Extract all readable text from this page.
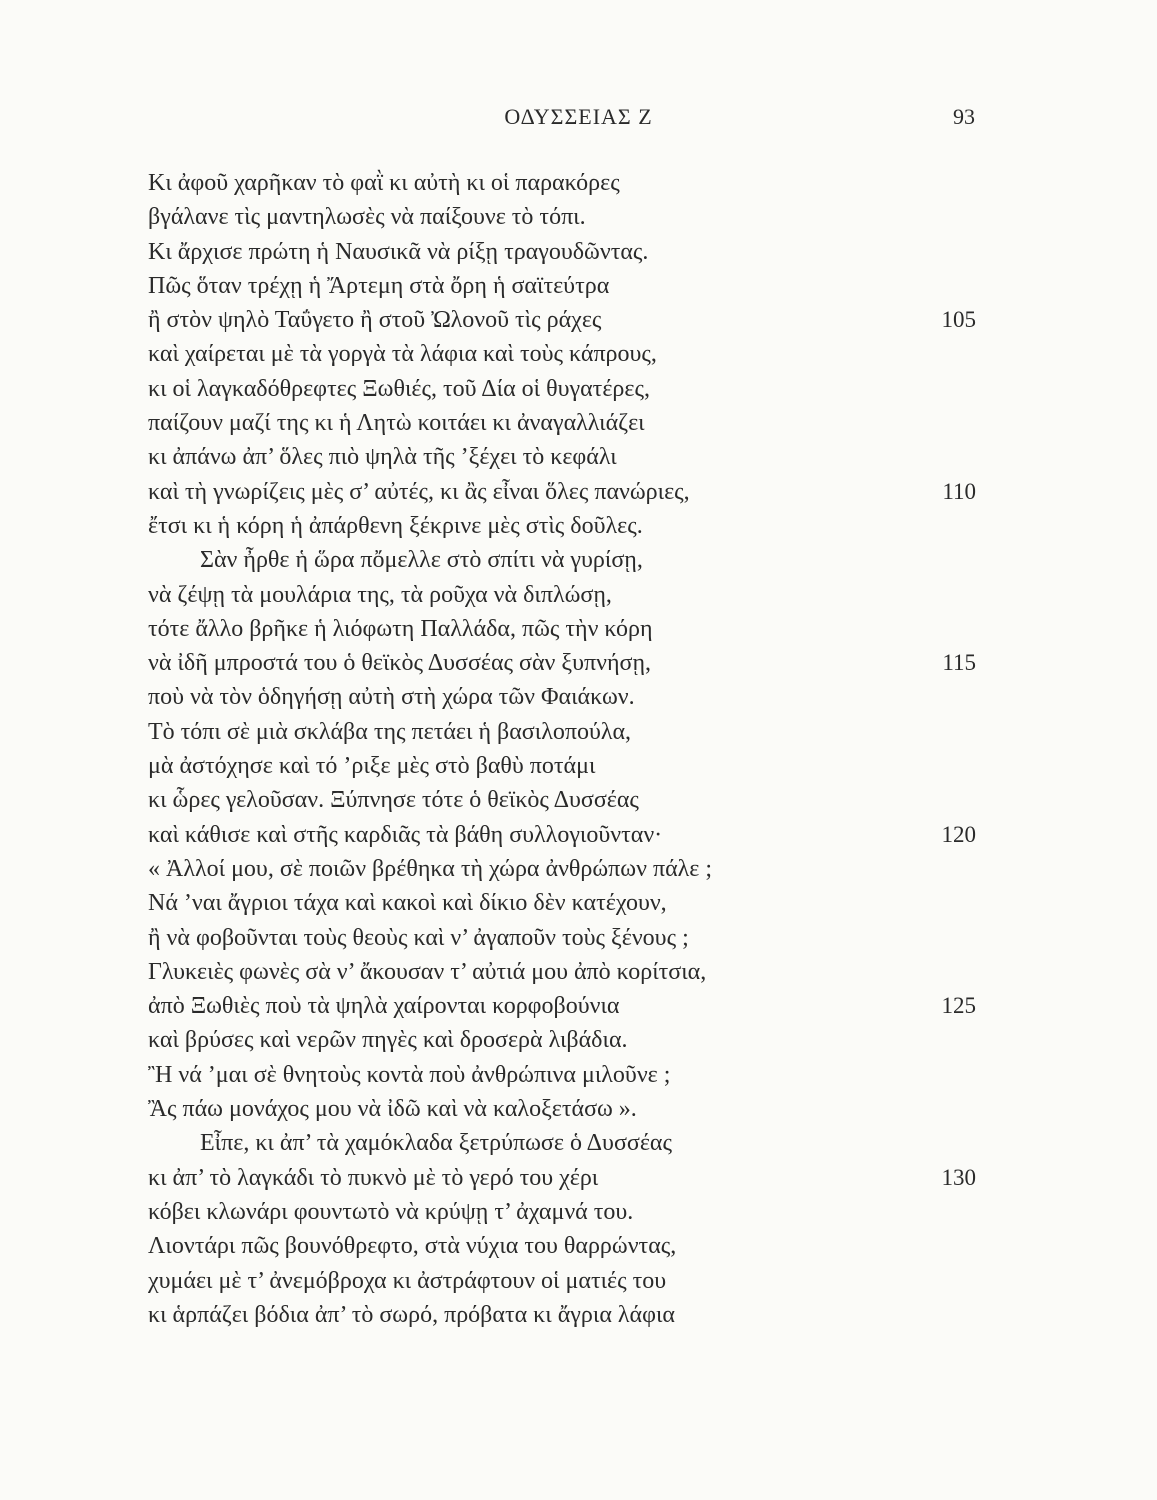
ΟΔΥΣΣΕΙΑΣ Ζ	93
Κι ἀφοῦ χαρῆκαν τὸ φαῒ κι αὐτὴ κι οἱ παρακόρες
βγάλανε τὶς μαντηλωσὲς νὰ παίξουνε τὸ τόπι.
Κι ἄρχισε πρώτη ἡ Ναυσικᾶ νὰ ρίξῃ τραγουδῶντας.
Πῶς ὅταν τρέχῃ ἡ Ἄρτεμη στὰ ὄρη ἡ σαϊτεύτρα
ἢ στὸν ψηλὸ Ταΰγετο ἢ στοῦ Ὠλονοῦ τὶς ράχες	105
καὶ χαίρεται μὲ τὰ γοργὰ τὰ λάφια καὶ τοὺς κάπρους,
κι οἱ λαγκαδόθρεφτες Ξωθιές, τοῦ Δία οἱ θυγατέρες,
παίζουν μαζί της κι ἡ Λητὼ κοιτάει κι ἀναγαλλιάζει
κι ἀπάνω ἀπ’ ὅλες πιὸ ψηλὰ τῆς ’ξέχει τὸ κεφάλι
καὶ τὴ γνωρίζεις μὲς σ’ αὐτές, κι ἂς εἶναι ὅλες πανώριες,	110
ἔτσι κι ἡ κόρη ἡ ἀπάρθενη ξέκρινε μὲς στὶς δοῦλες.
Σὰν ἦρθε ἡ ὥρα πὄμελλε στὸ σπίτι νὰ γυρίσῃ,
νὰ ζέψῃ τὰ μουλάρια της, τὰ ροῦχα νὰ διπλώσῃ,
τότε ἄλλο βρῆκε ἡ λιόφωτη Παλλάδα, πῶς τὴν κόρη
νὰ ἰδῆ μπροστά του ὁ θεϊκὸς Δυσσέας σὰν ξυπνήσῃ,	115
ποὺ νὰ τὸν ὁδηγήσῃ αὐτὴ στὴ χώρα τῶν Φαιάκων.
Τὸ τόπι σὲ μιὰ σκλάβα της πετάει ἡ βασιλοπούλα,
μὰ ἀστόχησε καὶ τό ’ριξε μὲς στὸ βαθὺ ποτάμι
κι ὧρες γελοῦσαν. Ξύπνησε τότε ὁ θεϊκὸς Δυσσέας
καὶ κάθισε καὶ στῆς καρδιᾶς τὰ βάθη συλλογιοῦνταν·	120
« Ἀλλοί μου, σὲ ποιῶν βρέθηκα τὴ χώρα ἀνθρώπων πάλε ;
Νά ’ναι ἄγριοι τάχα καὶ κακοὶ καὶ δίκιο δὲν κατέχουν,
ἢ νὰ φοβοῦνται τοὺς θεοὺς καὶ ν’ ἀγαποῦν τοὺς ξένους ;
Γλυκειὲς φωνὲς σὰ ν’ ἄκουσαν τ’ αὐτιά μου ἀπὸ κορίτσια,
ἀπὸ Ξωθιὲς ποὺ τὰ ψηλὰ χαίρονται κορφοβούνια	125
καὶ βρύσες καὶ νερῶν πηγὲς καὶ δροσερὰ λιβάδια.
Ἢ νά ’μαι σὲ θνητοὺς κοντὰ ποὺ ἀνθρώπινα μιλοῦνε ;
Ἂς πάω μονάχος μου νὰ ἰδῶ καὶ νὰ καλοξετάσω ».
Εἶπε, κι ἀπ’ τὰ χαμόκλαδα ξετρύπωσε ὁ Δυσσέας
κι ἀπ’ τὸ λαγκάδι τὸ πυκνὸ μὲ τὸ γερό του χέρι	130
κόβει κλωνάρι φουντωτὸ νὰ κρύψῃ τ’ ἀχαμνά του.
Λιοντάρι πῶς βουνόθρεφτο, στὰ νύχια του θαρρώντας,
χυμάει μὲ τ’ ἀνεμόβροχα κι ἀστράφτουν οἱ ματιές του
κι ἁρπάζει βόδια ἀπ’ τὸ σωρό, πρόβατα κι ἄγρια λάφια
